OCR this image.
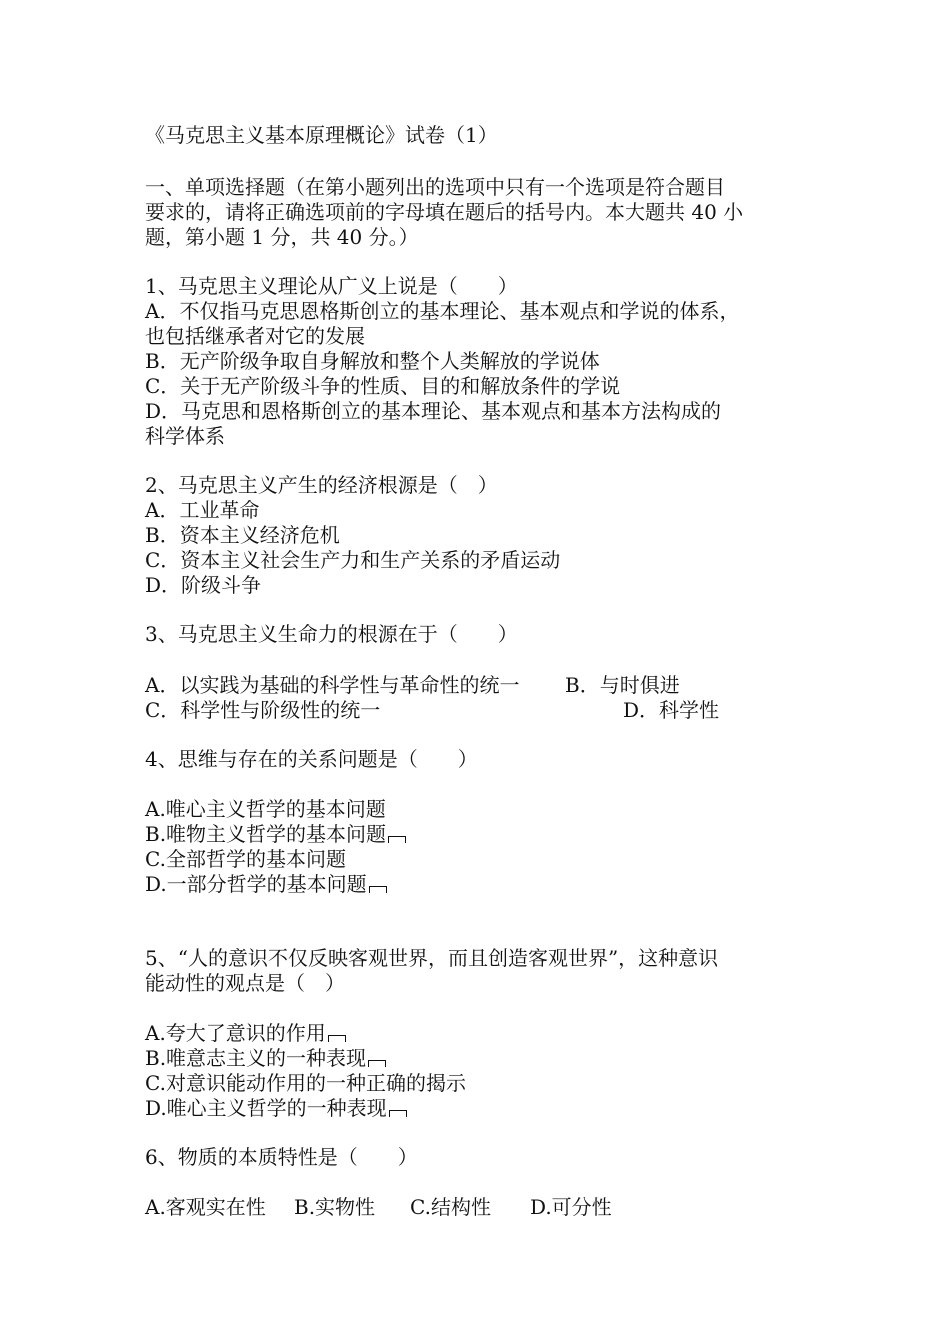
《马克思主义基本原理概论》试卷（1）
一、单项选择题（在第小题列出的选项中只有一个选项是符合题目
要求的，请将正确选项前的字母填在题后的括号内。本大题共 40 小
题，第小题 1 分，共 40 分。）
1、马克思主义理论从广义上说是（　　）
A．不仅指马克思恩格斯创立的基本理论、基本观点和学说的体系，
也包括继承者对它的发展
B．无产阶级争取自身解放和整个人类解放的学说体
C．关于无产阶级斗争的性质、目的和解放条件的学说
D．马克思和恩格斯创立的基本理论、基本观点和基本方法构成的
科学体系
2、马克思主义产生的经济根源是（　）
A．工业革命
B．资本主义经济危机
C．资本主义社会生产力和生产关系的矛盾运动
D．阶级斗争
3、马克思主义生命力的根源在于（　　）
A．以实践为基础的科学性与革命性的统一 B．与时俱进
C．科学性与阶级性的统一	D．科学性
4、思维与存在的关系问题是（　　）
A.唯心主义哲学的基本问题
B.唯物主义哲学的基本问题
C.全部哲学的基本问题
D.一部分哲学的基本问题
5、“人的意识不仅反映客观世界，而且创造客观世界”，这种意识
能动性的观点是（　）
A.夸大了意识的作用
B.唯意志主义的一种表现
C.对意识能动作用的一种正确的揭示
D.唯心主义哲学的一种表现
6、物质的本质特性是（　　）
A.客观实在性 B.实物性 C.结构性 D.可分性
